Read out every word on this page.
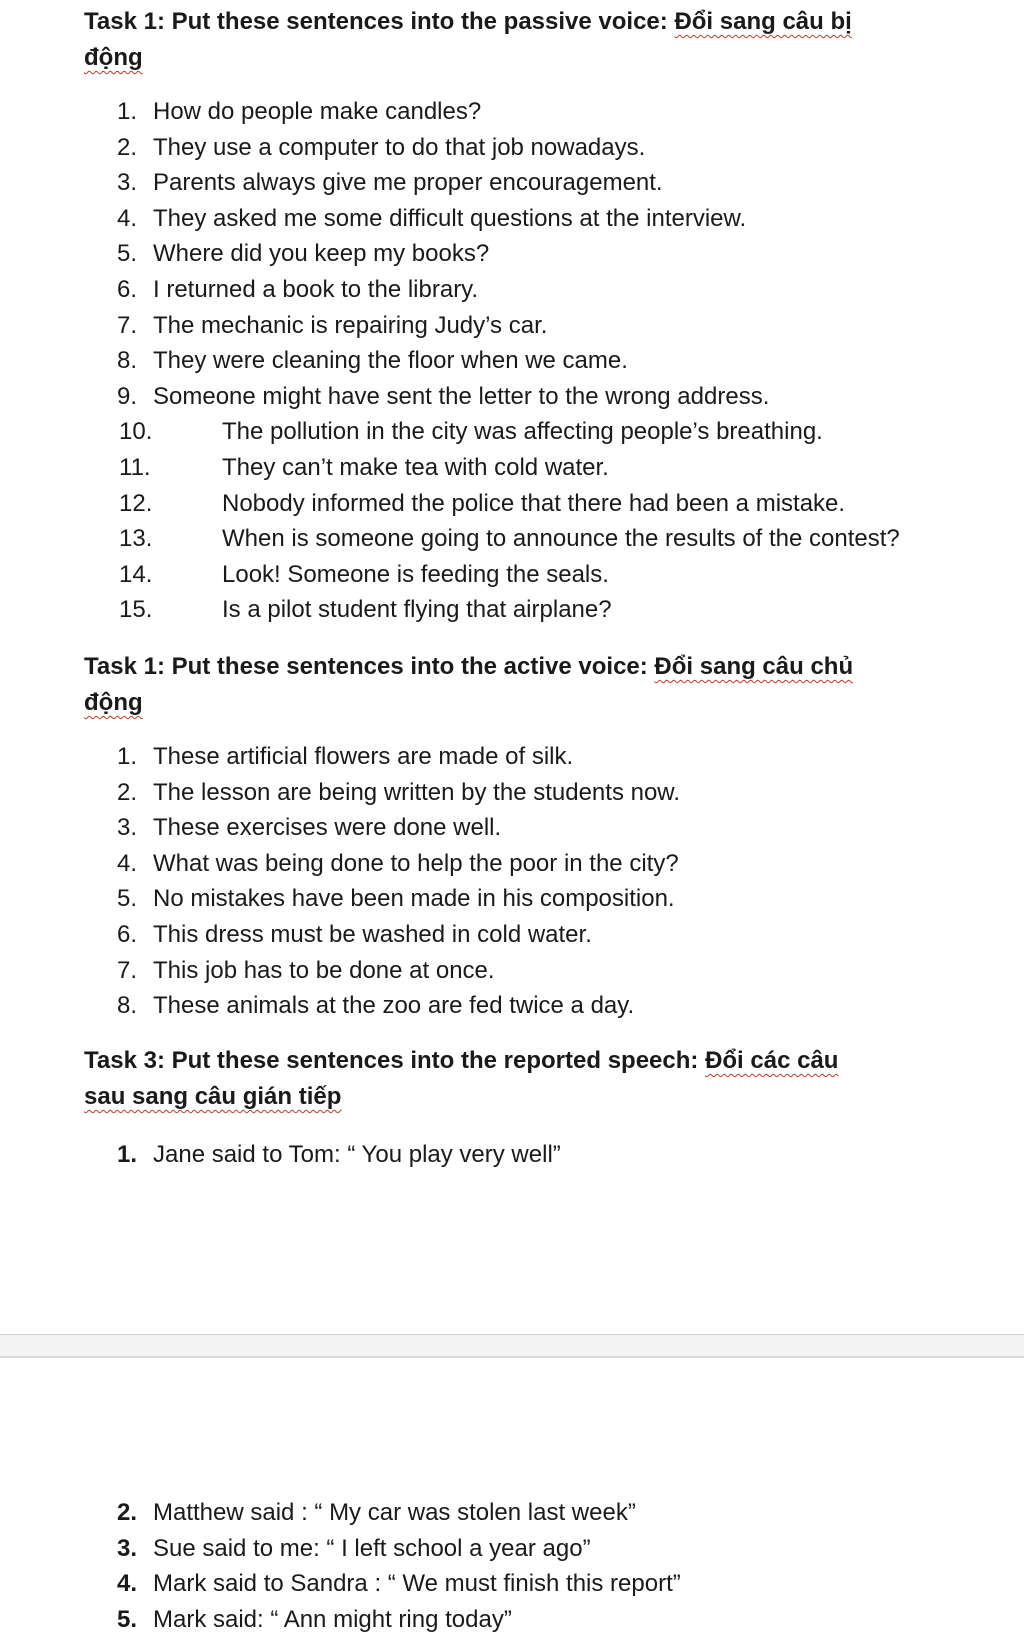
Task 1: Put these sentences into the passive voice: Đổi sang câu bị
động
1. How do people make candles?
2. They use a computer to do that job nowadays.
3. Parents always give me proper encouragement.
4. They asked me some difficult questions at the interview.
5. Where did you keep my books?
6. I returned a book to the library.
7. The mechanic is repairing Judy’s car.
8. They were cleaning the floor when we came.
9. Someone might have sent the letter to the wrong address.
10.	The pollution in the city was affecting people’s breathing.
11.	They can’t make tea with cold water.
12.	Nobody informed the police that there had been a mistake.
13.	When is someone going to announce the results of the contest?
14.	Look! Someone is feeding the seals.
15.	Is a pilot student flying that airplane?
Task 1: Put these sentences into the active voice: Đổi sang câu chủ
động
1. These artificial flowers are made of silk.
2. The lesson are being written by the students now.
3. These exercises were done well.
4. What was being done to help the poor in the city?
5. No mistakes have been made in his composition.
6. This dress must be washed in cold water.
7. This job has to be done at once.
8. These animals at the zoo are fed twice a day.
Task 3: Put these sentences into the reported speech: Đổi các câu
sau sang câu gián tiếp
1. Jane said to Tom: “ You play very well”
2. Matthew said : “ My car was stolen last week”
3. Sue said to me: “ I left school a year ago”
4. Mark said to Sandra : “ We must finish this report”
5. Mark said: “ Ann might ring today”
